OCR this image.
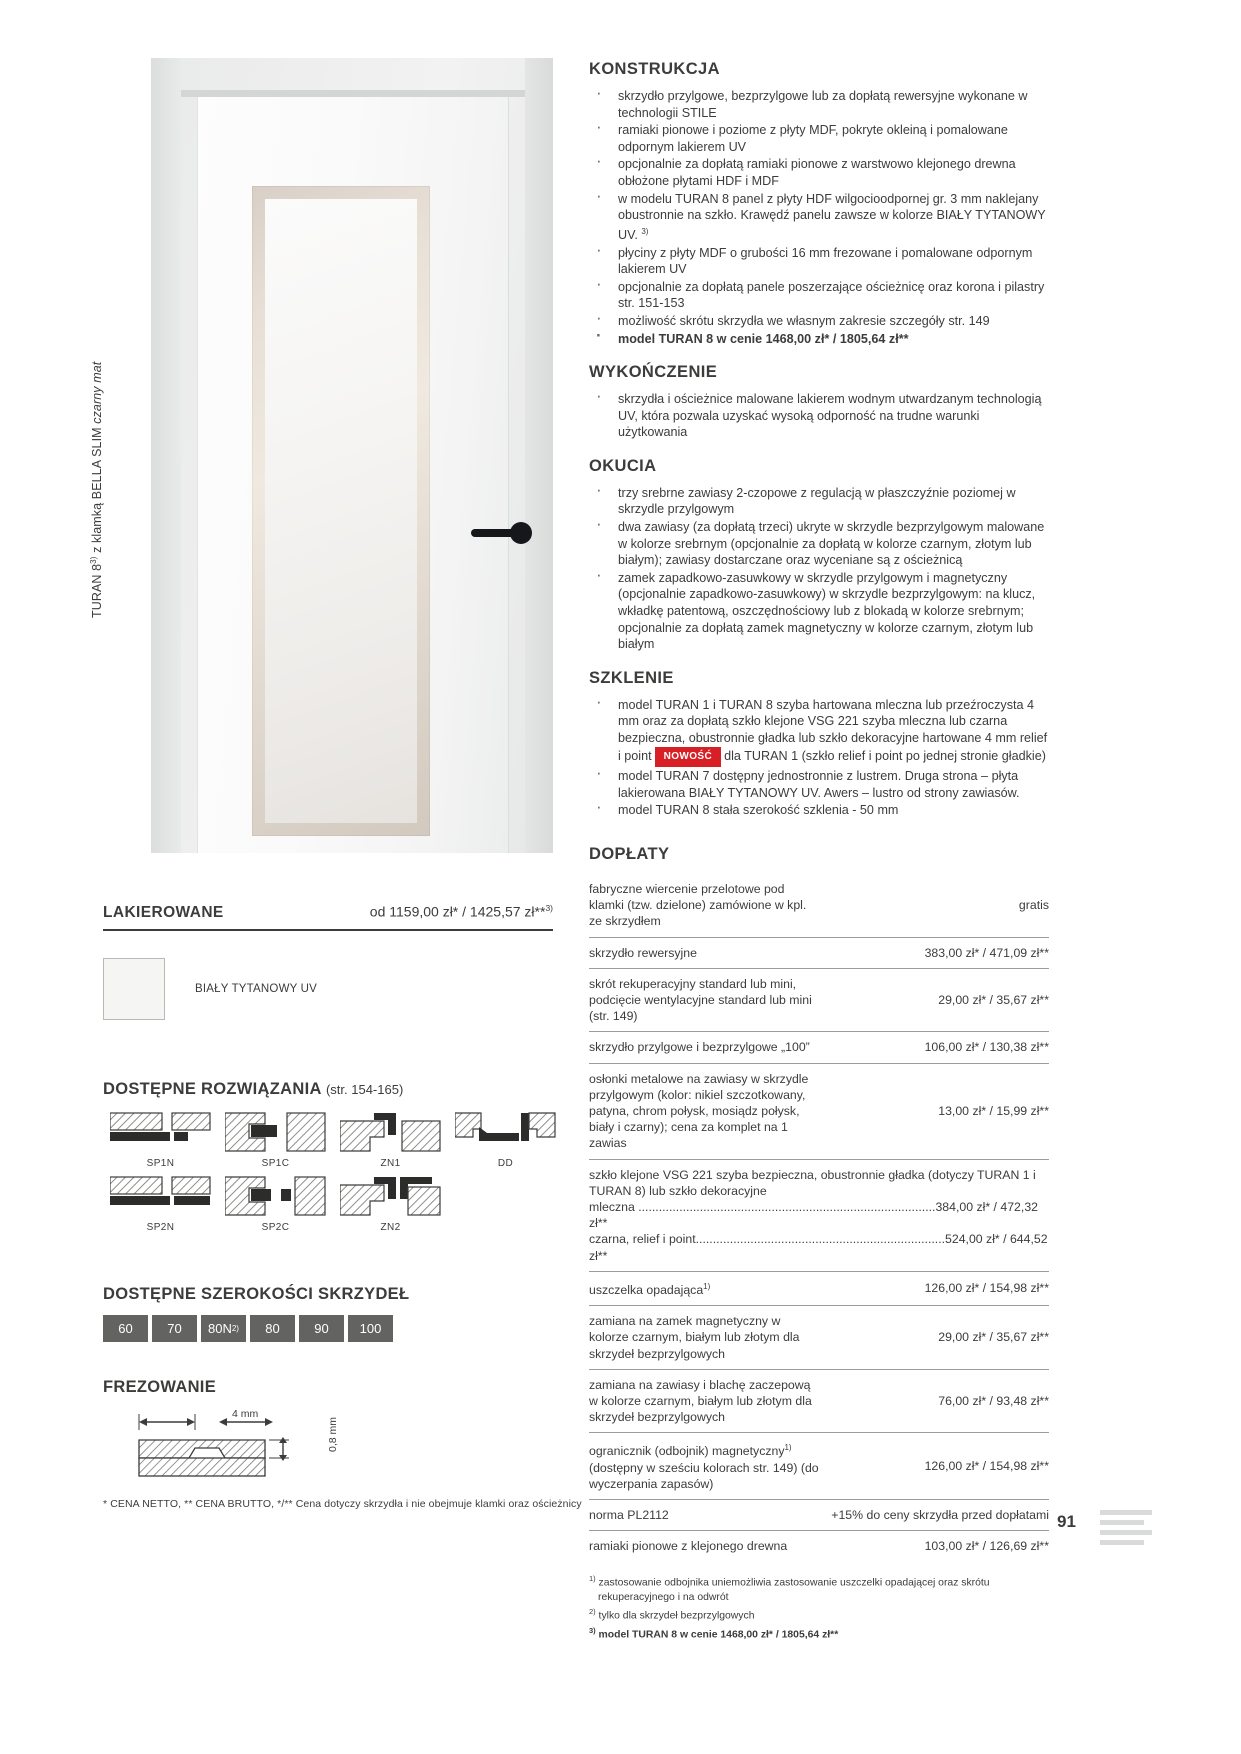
TURAN 8$^{3)}$ z klamką BELLA SLIM czarny mat
LAKIEROWANE	od 1159,00 zł* / 1425,57 zł**$^{3)}$
BIAŁY TYTANOWY UV
DOSTĘPNE ROZWIĄZANIA (str. 154-165)
SP1N	SP1C	ZN1	DD
SP2N	SP2C	ZN2
DOSTĘPNE SZEROKOŚCI SKRZYDEŁ
60	70 80N 2) 80	90 100
FREZOWANIE
4 mm
0,8 mm
* CENA NETTO, ** CENA BRUTTO, */** Cena dotyczy skrzydła i nie obejmuje klamki oraz ościeżnicy
KONSTRUKCJA
· skrzydło przylgowe, bezprzylgowe lub za dopłatą rewersyjne wykonane w technologii STILE
· ramiaki pionowe i poziome z płyty MDF, pokryte okleiną i pomalowane odpornym lakierem UV
· opcjonalnie za dopłatą ramiaki pionowe z warstwowo klejonego drewna obłożone płytami HDF i MDF
· w modelu TURAN 8 panel z płyty HDF wilgocioodpornej gr. 3 mm naklejany obustronnie na szkło. Krawędź panelu zawsze w kolorze BIAŁY TYTANOWY UV. $^{3)}$
· płyciny z płyty MDF o grubości 16 mm frezowane i pomalowane odpornym lakierem UV
· opcjonalnie za dopłatą panele poszerzające ościeżnicę oraz korona i pilastry str. 151-153
· możliwość skrótu skrzydła we własnym zakresie szczegóły str. 149
· model TURAN 8 w cenie 1468,00 zł* / 1805,64 zł**
WYKOŃCZENIE
· skrzydła i ościeżnice malowane lakierem wodnym utwardzanym technologią UV, która pozwala uzyskać wysoką odporność na trudne warunki użytkowania
OKUCIA
· trzy srebrne zawiasy 2-czopowe z regulacją w płaszczyźnie poziomej w skrzydle przylgowym
· dwa zawiasy (za dopłatą trzeci) ukryte w skrzydle bezprzylgowym malowane w kolorze srebrnym (opcjonalnie za dopłatą w kolorze czarnym, złotym lub białym); zawiasy dostarczane oraz wyceniane są z ościeżnicą
· zamek zapadkowo-zasuwkowy w skrzydle przylgowym i magnetyczny (opcjonalnie zapadkowo-zasuwkowy) w skrzydle bezprzylgowym: na klucz, wkładkę patentową, oszczędnościowy lub z blokadą w kolorze srebrnym; opcjonalnie za dopłatą zamek magnetyczny w kolorze czarnym, złotym lub białym
SZKLENIE
· model TURAN 1 i TURAN 8 szyba hartowana mleczna lub przeźroczysta 4 mm oraz za dopłatą szkło klejone VSG 221 szyba mleczna lub czarna bezpieczna, obustronnie gładka lub szkło dekoracyjne hartowane 4 mm relief i point NOWOŚĆ dla TURAN 1 (szkło relief i point po jednej stronie gładkie)
· model TURAN 7 dostępny jednostronnie z lustrem. Druga strona – płyta lakierowana BIAŁY TYTANOWY UV. Awers – lustro od strony zawiasów.
· model TURAN 8 stała szerokość szklenia - 50 mm
DOPŁATY
fabryczne wiercenie przelotowe pod klamki (tzw. dzielone) zamówione w kpl. ze skrzydłem	gratis
skrzydło rewersyjne	383,00 zł* / 471,09 zł**
skrót rekuperacyjny standard lub mini, podcięcie wentylacyjne standard lub mini (str. 149)	29,00 zł* / 35,67 zł**
skrzydło przylgowe i bezprzylgowe „100”	106,00 zł* / 130,38 zł**
osłonki metalowe na zawiasy w skrzydle przylgowym (kolor: nikiel szczotkowany, patyna, chrom połysk, mosiądz połysk, biały i czarny); cena za komplet na 1 zawias	13,00 zł* / 15,99 zł**
szkło klejone VSG 221 szyba bezpieczna, obustronnie gładka (dotyczy TURAN 1 i TURAN 8) lub szkło dekoracyjne
mleczna .......................................................................................384,00 zł* / 472,32 zł**
czarna, relief i point.........................................................................524,00 zł* / 644,52 zł**	

uszczelka opadająca$^{1)}$	126,00 zł* / 154,98 zł**
zamiana na zamek magnetyczny w kolorze czarnym, białym lub złotym dla skrzydeł bezprzylgowych	29,00 zł* / 35,67 zł**
zamiana na zawiasy i blachę zaczepową w kolorze czarnym, białym lub złotym dla skrzydeł bezprzylgowych	76,00 zł* / 93,48 zł**
ogranicznik (odbojnik) magnetyczny$^{1)}$ (dostępny w sześciu kolorach str. 149) (do wyczerpania zapasów)	126,00 zł* / 154,98 zł**
norma PL2112	+15% do ceny skrzydła przed dopłatami
ramiaki pionowe z klejonego drewna	103,00 zł* / 126,69 zł**
$^{1)}$ zastosowanie odbojnika uniemożliwia zastosowanie uszczelki opadającej oraz skrótu
rekuperacyjnego i na odwrót
$^{2)}$ tylko dla skrzydeł bezprzylgowych
$^{3)}$ model TURAN 8 w cenie 1468,00 zł* / 1805,64 zł**
91
